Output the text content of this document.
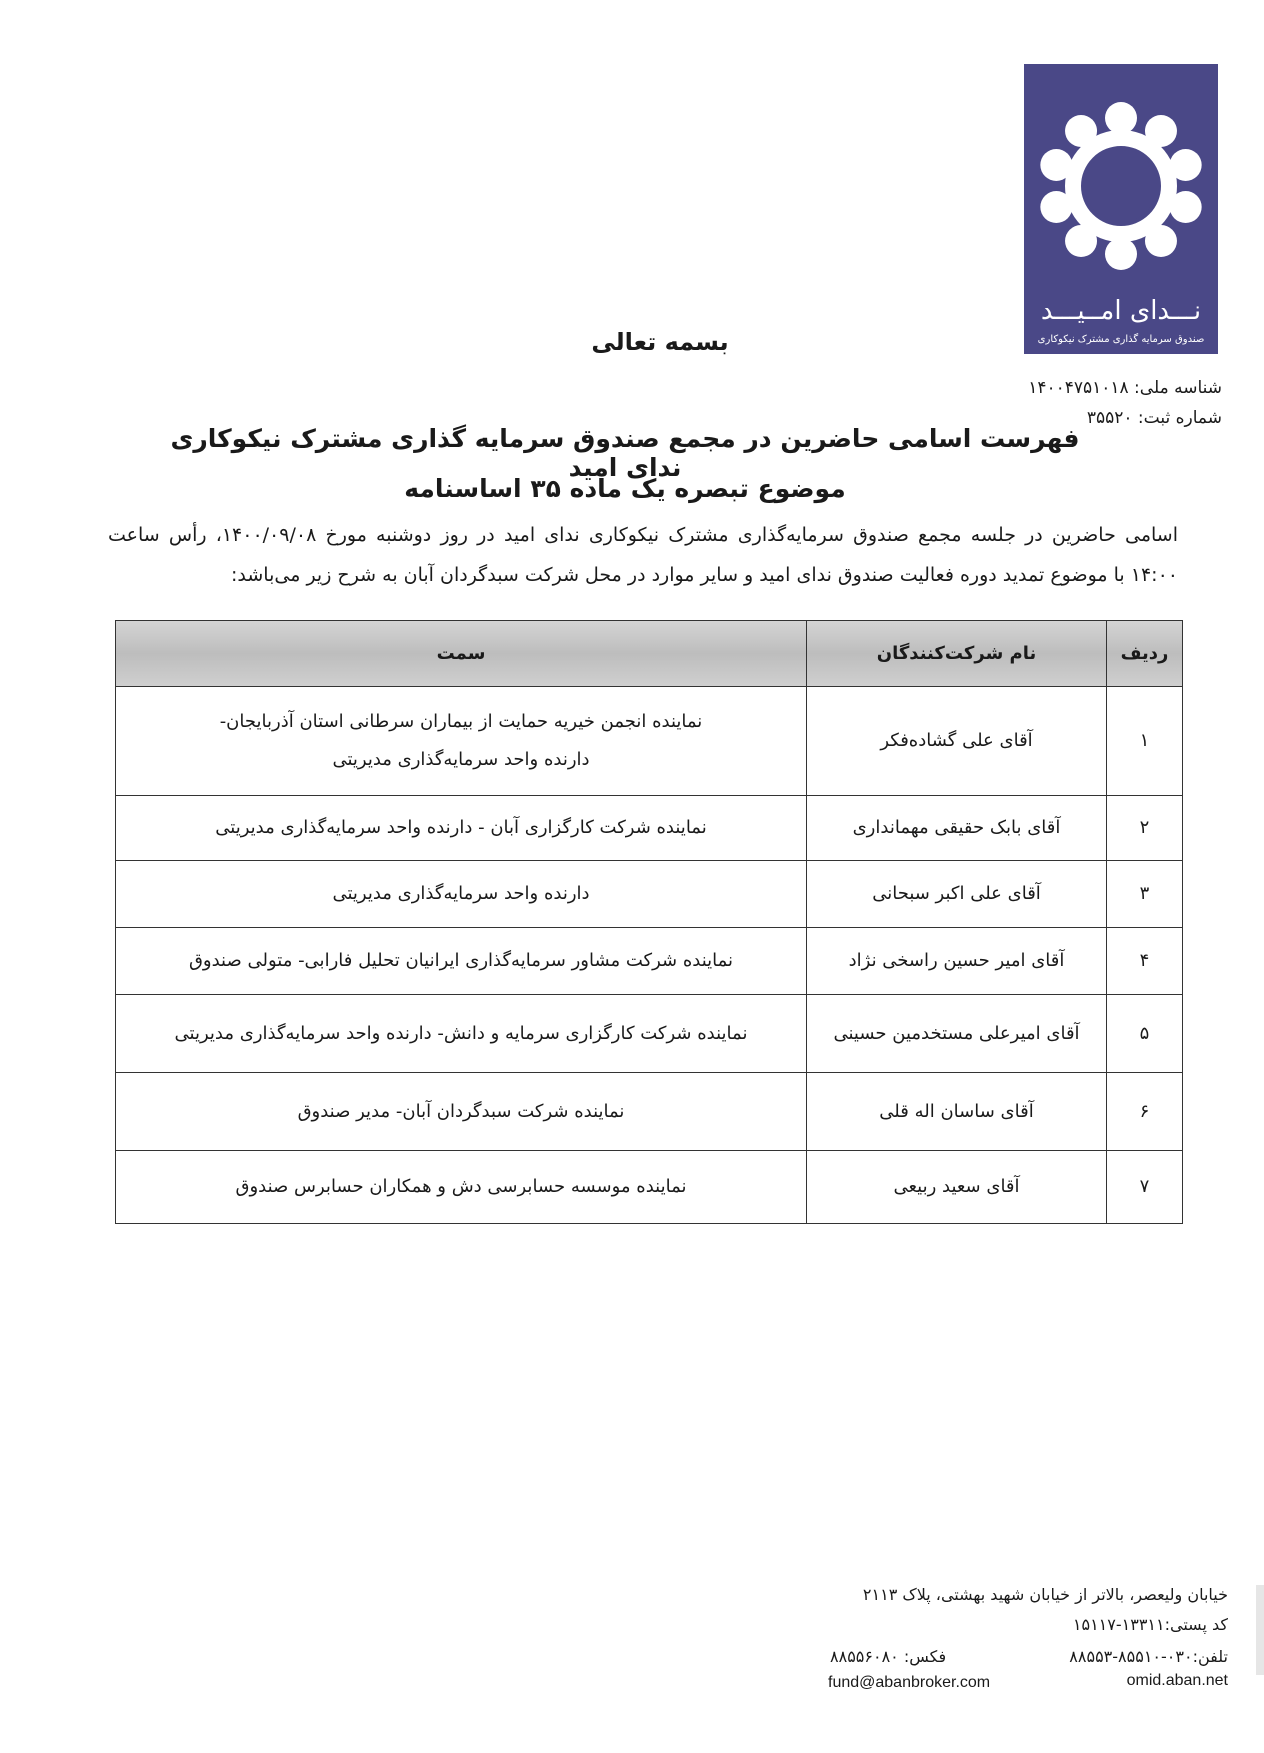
نـــدای امــیـــد
صندوق سرمایه گذاری مشترک نیکوکاری
بسمه تعالی
شناسه ملی: ۱۴۰۰۴۷۵۱۰۱۸
شماره ثبت: ۳۵۵۲۰
فهرست اسامی حاضرین در مجمع صندوق سرمایه گذاری مشترک نیکوکاری ندای امید
موضوع تبصره یک ماده ۳۵ اساسنامه
اسامی حاضرین در جلسه مجمع صندوق سرمایه‌گذاری مشترک نیکوکاری ندای امید در روز دوشنبه مورخ ۱۴۰۰/۰۹/۰۸، رأس ساعت ۱۴:۰۰ با موضوع تمدید دوره فعالیت صندوق ندای امید و سایر موارد در محل شرکت سبدگردان آبان به شرح زیر می‌باشد:
ردیف
نام شرکت‌کنندگان
سمت
۱
آقای علی گشاده‌فکر
نماینده انجمن خیریه حمایت از بیماران سرطانی استان آذربایجان- دارنده واحد سرمایه‌گذاری مدیریتی
۲
آقای بابک حقیقی مهمانداری
نماینده شرکت کارگزاری آبان - دارنده واحد سرمایه‌گذاری مدیریتی
۳
آقای علی اکبر سبحانی
دارنده واحد سرمایه‌گذاری مدیریتی
۴
آقای امیر حسین راسخی نژاد
نماینده شرکت مشاور سرمایه‌گذاری ایرانیان تحلیل فارابی- متولی صندوق
۵
آقای امیرعلی مستخدمین حسینی
نماینده شرکت کارگزاری سرمایه و دانش- دارنده واحد سرمایه‌گذاری مدیریتی
۶
آقای ساسان اله قلی
نماینده شرکت سبدگردان آبان- مدیر صندوق
۷
آقای سعید ربیعی
نماینده موسسه حسابرسی دش و همکاران حسابرس صندوق
خیابان ولیعصر، بالاتر از خیابان شهید بهشتی، پلاک ۲۱۱۳
کد پستی:۱۳۳۱۱-۱۵۱۱۷
تلفن:۰۳۰-۸۵۵۱۰-۸۸۵۵۳
فکس: ۸۸۵۵۶۰۸۰
omid.aban.net
fund@abanbroker.com
